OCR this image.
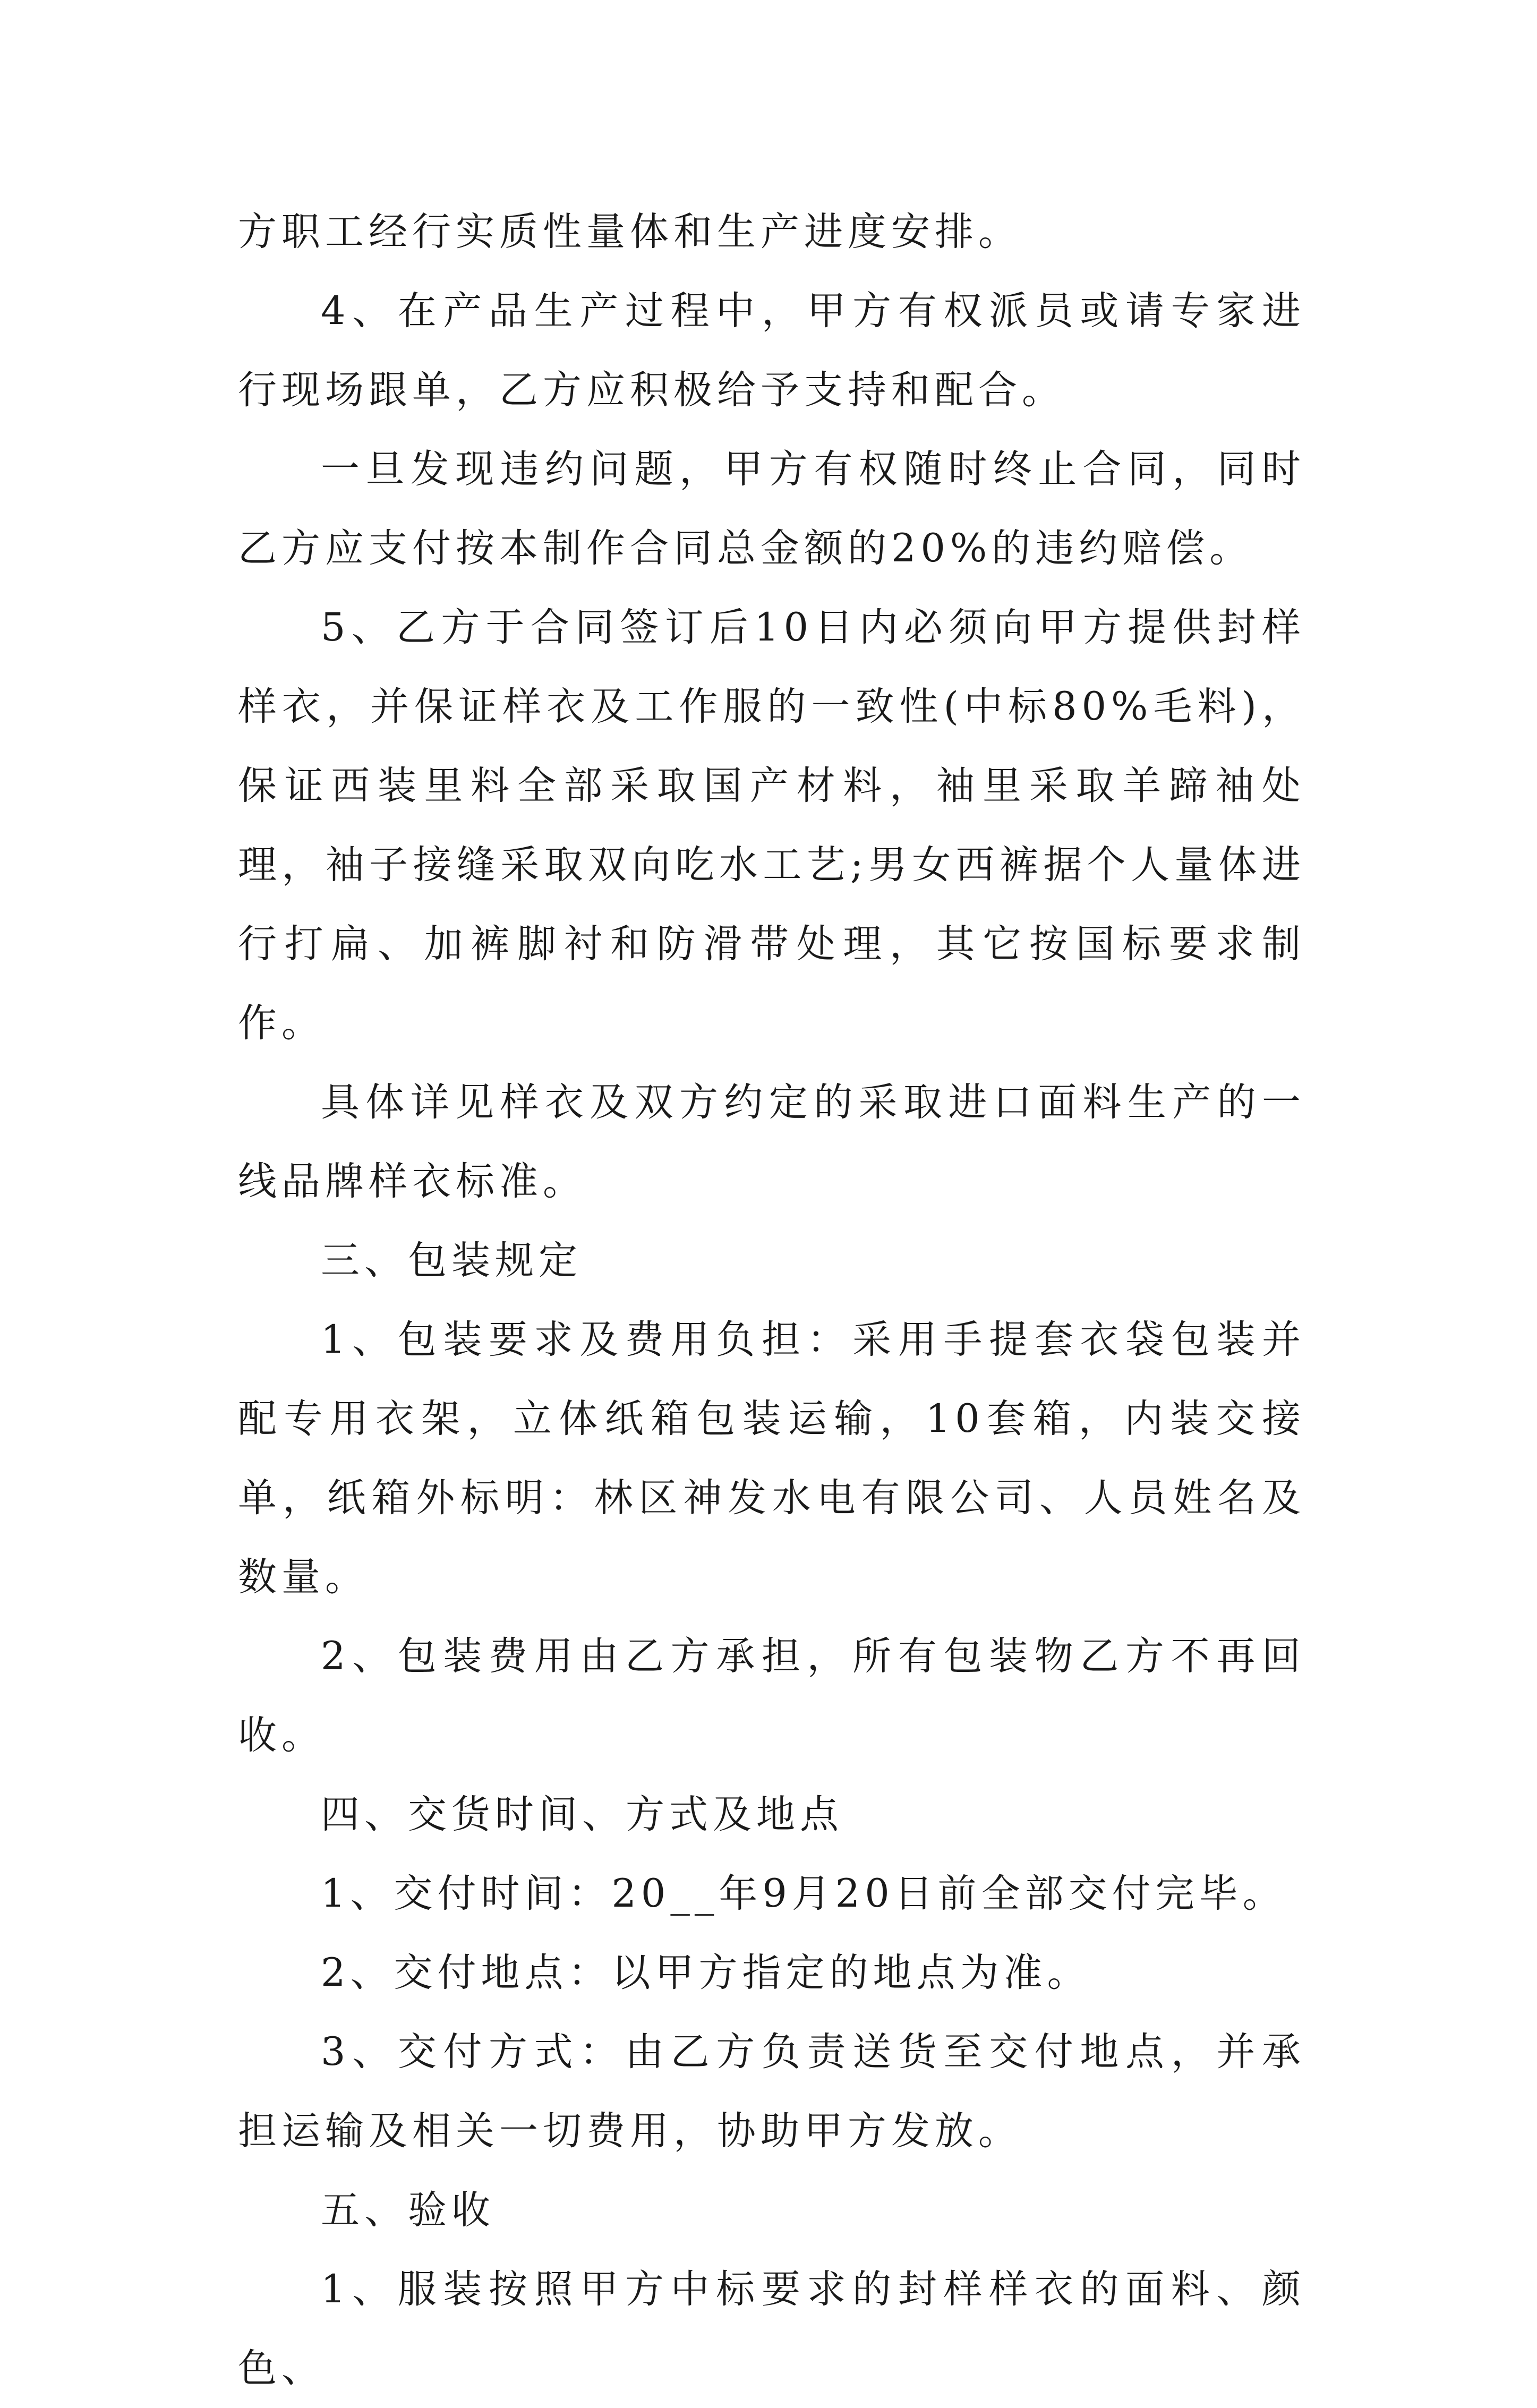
方职工经行实质性量体和生产进度安排。

4、在产品生产过程中，甲方有权派员或请专家进行现场跟单，乙方应积极给予支持和配合。

一旦发现违约问题，甲方有权随时终止合同，同时乙方应支付按本制作合同总金额的20%的违约赔偿。

5、乙方于合同签订后10日内必须向甲方提供封样样衣，并保证样衣及工作服的一致性(中标80%毛料)，保证西装里料全部采取国产材料，袖里采取羊蹄袖处理，袖子接缝采取双向吃水工艺;男女西裤据个人量体进行打扁、加裤脚衬和防滑带处理，其它按国标要求制作。

具体详见样衣及双方约定的采取进口面料生产的一线品牌样衣标准。

三、包装规定

1、包装要求及费用负担：采用手提套衣袋包装并配专用衣架，立体纸箱包装运输，10套箱，内装交接单，纸箱外标明：林区神发水电有限公司、人员姓名及数量。

2、包装费用由乙方承担，所有包装物乙方不再回收。

四、交货时间、方式及地点

1、交付时间：20__年9月20日前全部交付完毕。

2、交付地点：以甲方指定的地点为准。

3、交付方式：由乙方负责送货至交付地点，并承担运输及相关一切费用，协助甲方发放。

五、验收

1、服装按照甲方中标要求的封样样衣的面料、颜色、
